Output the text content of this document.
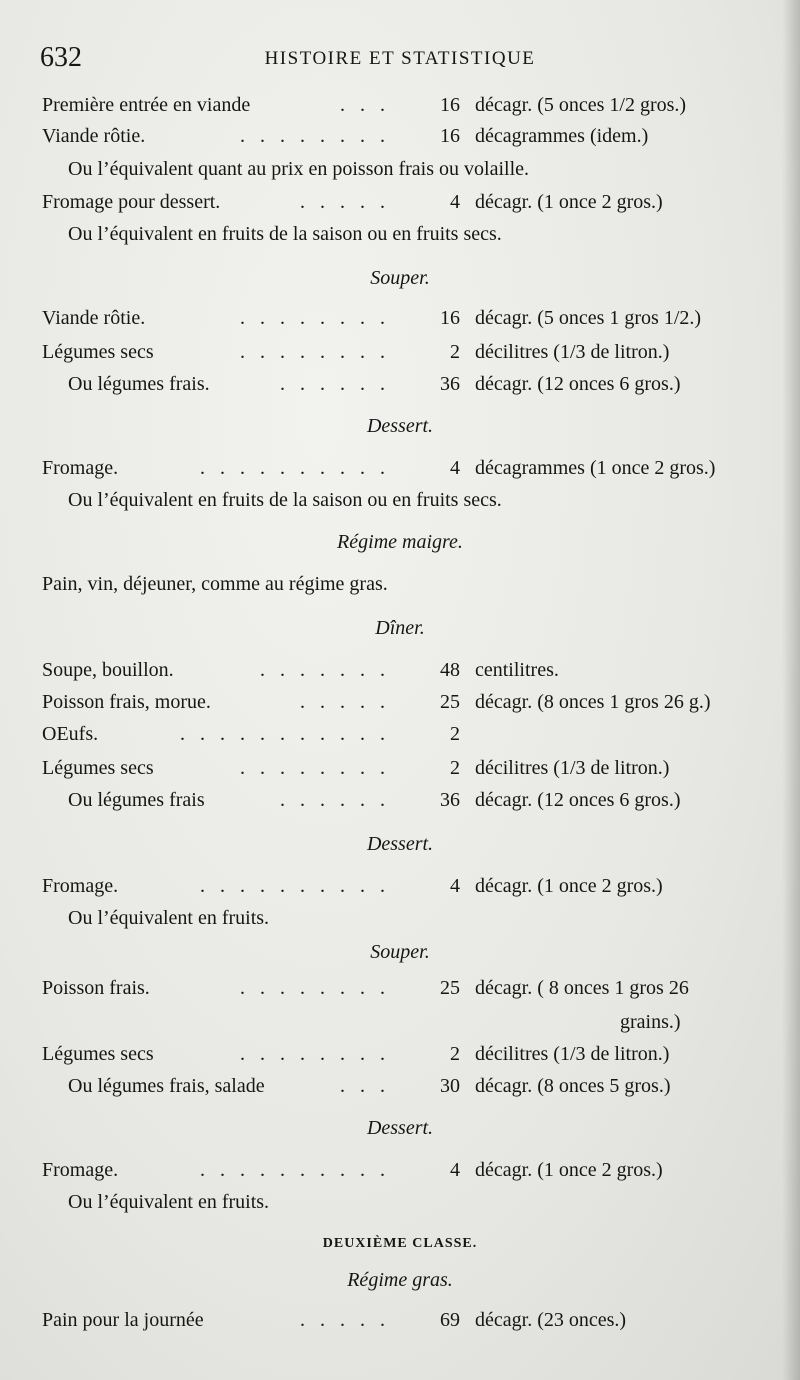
632	HISTOIRE ET STATISTIQUE
Première entrée en viande	. . .	16 décagr. (5 onces 1/2 gros.)
Viande rôtie.	. . . . . . . .	16 décagrammes (idem.)
Ou l’équivalent quant au prix en poisson frais ou volaille.
Fromage pour dessert.	. . . . .	4 décagr. (1 once 2 gros.)
Ou l’équivalent en fruits de la saison ou en fruits secs.
Souper.
Viande rôtie.	. . . . . . . .	16 décagr. (5 onces 1 gros 1/2.)
Légumes secs	. . . . . . . .	2 décilitres (1/3 de litron.)
Ou légumes frais.	. . . . . .	36 décagr. (12 onces 6 gros.)
Dessert.
Fromage.	. . . . . . . . . .	4 décagrammes (1 once 2 gros.)
Ou l’équivalent en fruits de la saison ou en fruits secs.
Régime maigre.
Pain, vin, déjeuner, comme au régime gras.
Dîner.
Soupe, bouillon.	. . . . . . .	48 centilitres.
Poisson frais, morue.	. . . . .	25 décagr. (8 onces 1 gros 26 g.)
OEufs.	. . . . . . . . . . .	2
Légumes secs	. . . . . . . .	2 décilitres (1/3 de litron.)
Ou légumes frais	. . . . . .	36 décagr. (12 onces 6 gros.)
Dessert.
Fromage.	. . . . . . . . . .	4 décagr. (1 once 2 gros.)
Ou l’équivalent en fruits.
Souper.
Poisson frais.	. . . . . . . .	25 décagr. ( 8 onces 1 gros 26
grains.)
Légumes secs	. . . . . . . .	2 décilitres (1/3 de litron.)
Ou légumes frais, salade	. . .	30 décagr. (8 onces 5 gros.)
Dessert.
Fromage.	. . . . . . . . . .	4 décagr. (1 once 2 gros.)
Ou l’équivalent en fruits.
DEUXIÈME CLASSE.
Régime gras.
Pain pour la journée	. . . . .	69 décagr. (23 onces.)
